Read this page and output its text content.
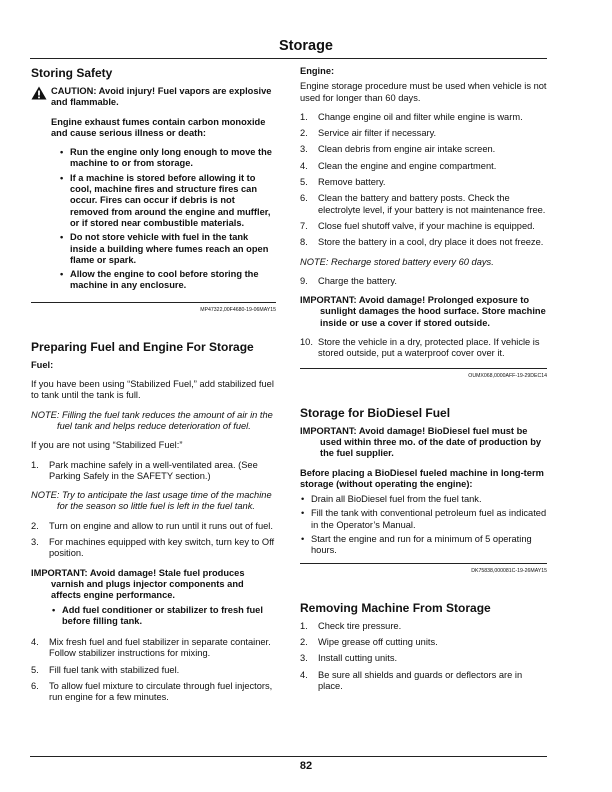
Storage
Storing Safety

CAUTION: Avoid injury! Fuel vapors are explosive and flammable.

Engine exhaust fumes contain carbon monoxide and cause serious illness or death:

• Run the engine only long enough to move the machine to or from storage.
• If a machine is stored before allowing it to cool, machine fires and structure fires can occur. Fires can occur if debris is not removed from around the engine and muffler, or if stored near combustible materials.
• Do not store vehicle with fuel in the tank inside a building where fumes reach an open flame or spark.
• Allow the engine to cool before storing the machine in any enclosure.

MP47322,00F4680-19-06MAY15

Preparing Fuel and Engine For Storage

Fuel:

If you have been using “Stabilized Fuel,” add stabilized fuel to tank until the tank is full.

NOTE: Filling the fuel tank reduces the amount of air in the fuel tank and helps reduce deterioration of fuel.

If you are not using “Stabilized Fuel:”

1. Park machine safely in a well-ventilated area. (See Parking Safely in the SAFETY section.)

NOTE: Try to anticipate the last usage time of the machine for the season so little fuel is left in the fuel tank.

2. Turn on engine and allow to run until it runs out of fuel.
3. For machines equipped with key switch, turn key to Off position.

IMPORTANT: Avoid damage! Stale fuel produces varnish and plugs injector components and affects engine performance.

• Add fuel conditioner or stabilizer to fresh fuel before filling tank.
4. Mix fresh fuel and fuel stabilizer in separate container. Follow stabilizer instructions for mixing.
5. Fill fuel tank with stabilized fuel.
6. To allow fuel mixture to circulate through fuel injectors, run engine for a few minutes.

Engine:

Engine storage procedure must be used when vehicle is not used for longer than 60 days.

1. Change engine oil and filter while engine is warm.
2. Service air filter if necessary.
3. Clean debris from engine air intake screen.
4. Clean the engine and engine compartment.
5. Remove battery.
6. Clean the battery and battery posts. Check the electrolyte level, if your battery is not maintenance free.
7. Close fuel shutoff valve, if your machine is equipped.
8. Store the battery in a cool, dry place it does not freeze.

NOTE: Recharge stored battery every 60 days.

9. Charge the battery.

IMPORTANT: Avoid damage! Prolonged exposure to sunlight damages the hood surface. Store machine inside or use a cover if stored outside.

10. Store the vehicle in a dry, protected place. If vehicle is stored outside, put a waterproof cover over it.

OUMX068,0000AFF-19-29DEC14

Storage for BioDiesel Fuel

IMPORTANT: Avoid damage! BioDiesel fuel must be used within three mo. of the date of production by the fuel supplier.

Before placing a BioDiesel fueled machine in long-term storage (without operating the engine):

• Drain all BioDiesel fuel from the fuel tank.
• Fill the tank with conventional petroleum fuel as indicated in the Operator’s Manual.
• Start the engine and run for a minimum of 5 operating hours.

DK75838,000081C-19-26MAY15

Removing Machine From Storage
1. Check tire pressure.
2. Wipe grease off cutting units.
3. Install cutting units.
4. Be sure all shields and guards or deflectors are in place.
82
